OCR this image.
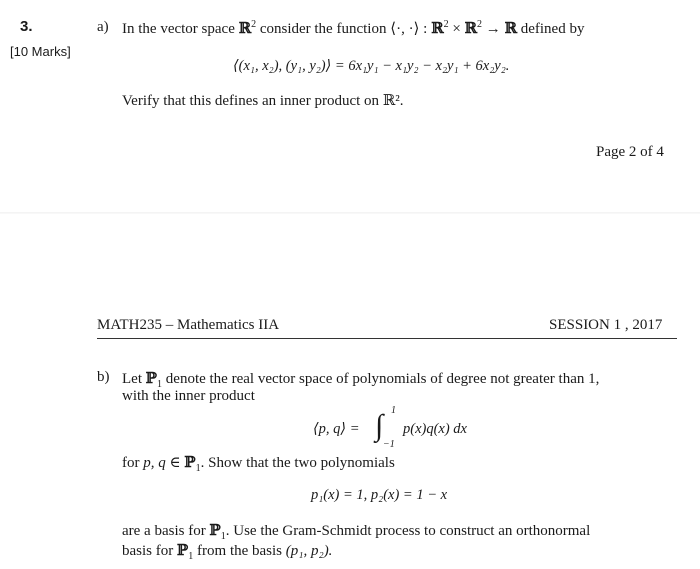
3.
[10 Marks]
a) In the vector space ℝ$^2$ consider the function ⟨·, ·⟩ : ℝ$^2$ × ℝ$^2$ → ℝ defined by
⟨(x₁, x₂), (y₁, y₂)⟩ = 6x₁y₁ − x₁y₂ − x₂y₁ + 6x₂y₂.
Verify that this defines an inner product on ℝ².
Page 2 of 4
MATH235 – Mathematics IIA	SESSION 1 , 2017
b) Let ℙ$_1$ denote the real vector space of polynomials of degree not greater than 1,
with the inner product
⟨p, q⟩ = ∫ 1
−1
p(x)q(x) dx
for p, q ∈ ℙ$_1$. Show that the two polynomials
p₁(x) = 1, p₂(x) = 1 − x
are a basis for ℙ$_1$. Use the Gram-Schmidt process to construct an orthonormal
basis for ℙ$_1$ from the basis (p₁, p₂).
